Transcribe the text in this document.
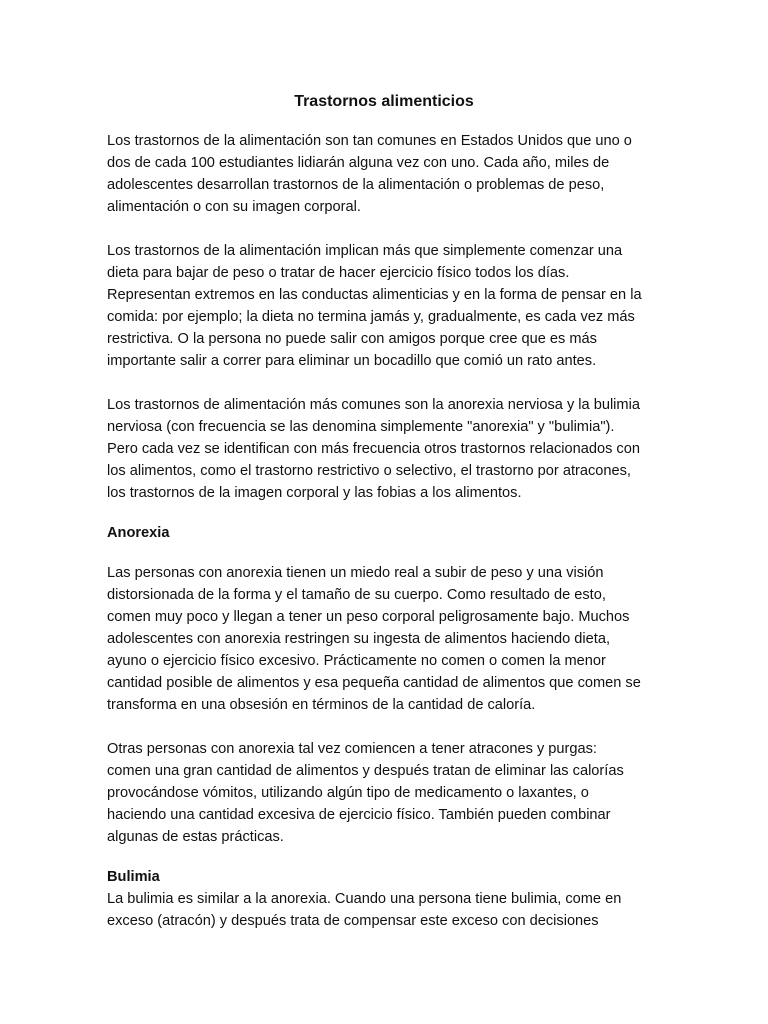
Trastornos alimenticios

Los trastornos de la alimentación son tan comunes en Estados Unidos que uno o
dos de cada 100 estudiantes lidiarán alguna vez con uno. Cada año, miles de
adolescentes desarrollan trastornos de la alimentación o problemas de peso,
alimentación o con su imagen corporal.

Los trastornos de la alimentación implican más que simplemente comenzar una
dieta para bajar de peso o tratar de hacer ejercicio físico todos los días.
Representan extremos en las conductas alimenticias y en la forma de pensar en la
comida: por ejemplo; la dieta no termina jamás y, gradualmente, es cada vez más
restrictiva. O la persona no puede salir con amigos porque cree que es más
importante salir a correr para eliminar un bocadillo que comió un rato antes.

Los trastornos de alimentación más comunes son la anorexia nerviosa y la bulimia
nerviosa (con frecuencia se las denomina simplemente "anorexia" y "bulimia").
Pero cada vez se identifican con más frecuencia otros trastornos relacionados con
los alimentos, como el trastorno restrictivo o selectivo, el trastorno por atracones,
los trastornos de la imagen corporal y las fobias a los alimentos.

Anorexia

Las personas con anorexia tienen un miedo real a subir de peso y una visión
distorsionada de la forma y el tamaño de su cuerpo. Como resultado de esto,
comen muy poco y llegan a tener un peso corporal peligrosamente bajo. Muchos
adolescentes con anorexia restringen su ingesta de alimentos haciendo dieta,
ayuno o ejercicio físico excesivo. Prácticamente no comen o comen la menor
cantidad posible de alimentos y esa pequeña cantidad de alimentos que comen se
transforma en una obsesión en términos de la cantidad de caloría.

Otras personas con anorexia tal vez comiencen a tener atracones y purgas:
comen una gran cantidad de alimentos y después tratan de eliminar las calorías
provocándose vómitos, utilizando algún tipo de medicamento o laxantes, o
haciendo una cantidad excesiva de ejercicio físico. También pueden combinar
algunas de estas prácticas.

Bulimia

La bulimia es similar a la anorexia. Cuando una persona tiene bulimia, come en
exceso (atracón) y después trata de compensar este exceso con decisiones
